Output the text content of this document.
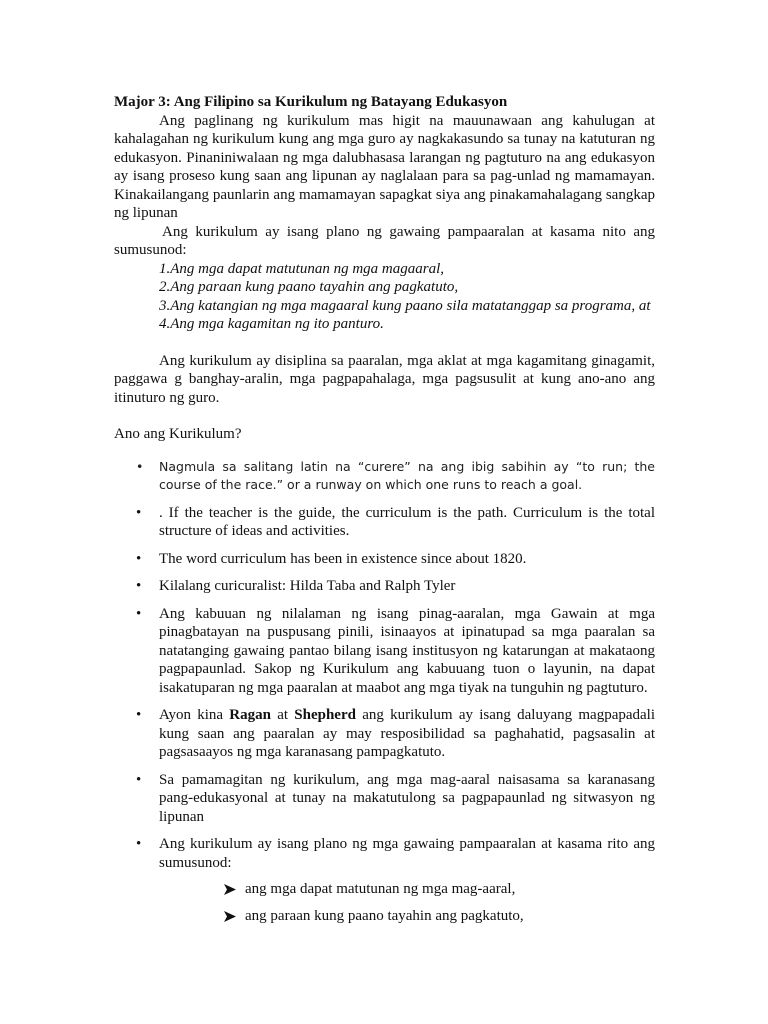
Major 3: Ang Filipino sa Kurikulum ng Batayang Edukasyon

Ang paglinang ng kurikulum mas higit na mauunawaan ang kahulugan at kahalagahan ng kurikulum kung ang mga guro ay nagkakasundo sa tunay na katuturan ng edukasyon. Pinaniniwalaan ng mga dalubhasasa larangan ng pagtuturo na ang edukasyon ay isang proseso kung saan ang lipunan ay naglalaan para sa pag-unlad ng mamamayan. Kinakailangang paunlarin ang mamamayan sapagkat siya ang pinakamahalagang sangkap ng lipunan

Ang kurikulum ay isang plano ng gawaing pampaaralan at kasama nito ang sumusunod:

1.Ang mga dapat matutunan ng mga magaaral,
2.Ang paraan kung paano tayahin ang pagkatuto,
3.Ang katangian ng mga magaaral kung paano sila matatanggap sa programa, at
4.Ang mga kagamitan ng ito panturo.

Ang kurikulum ay disiplina sa paaralan, mga aklat at mga kagamitang ginagamit, paggawa g banghay-aralin, mga pagpapahalaga, mga pagsusulit at kung ano-ano ang itinuturo ng guro.

Ano ang Kurikulum?

• Nagmula sa salitang latin na “curere” na ang ibig sabihin ay “to run; the course of the race.” or a runway on which one runs to reach a goal.
• . If the teacher is the guide, the curriculum is the path. Curriculum is the total structure of ideas and activities.
• The word curriculum has been in existence since about 1820.
• Kilalang curicuralist: Hilda Taba and Ralph Tyler
• Ang kabuuan ng nilalaman ng isang pinag-aaralan, mga Gawain at mga pinagbatayan na puspusang pinili, isinaayos at ipinatupad sa mga paaralan sa natatanging gawaing pantao bilang isang institusyon ng katarungan at makataong pagpapaunlad. Sakop ng Kurikulum ang kabuuang tuon o layunin, na dapat isakatuparan ng mga paaralan at maabot ang mga tiyak na tunguhin ng pagtuturo.
• Ayon kina Ragan at Shepherd ang kurikulum ay isang daluyang magpapadali kung saan ang paaralan ay may resposibilidad sa paghahatid, pagsasalin at pagsasaayos ng mga karanasang pampagkatuto.
• Sa pamamagitan ng kurikulum, ang mga mag-aaral naisasama sa karanasang pang-edukasyonal at tunay na makatutulong sa pagpapaunlad ng sitwasyon ng lipunan
• Ang kurikulum ay isang plano ng mga gawaing pampaaralan at kasama rito ang sumusunod:
ang mga dapat matutunan ng mga mag-aaral,
ang paraan kung paano tayahin ang pagkatuto,
